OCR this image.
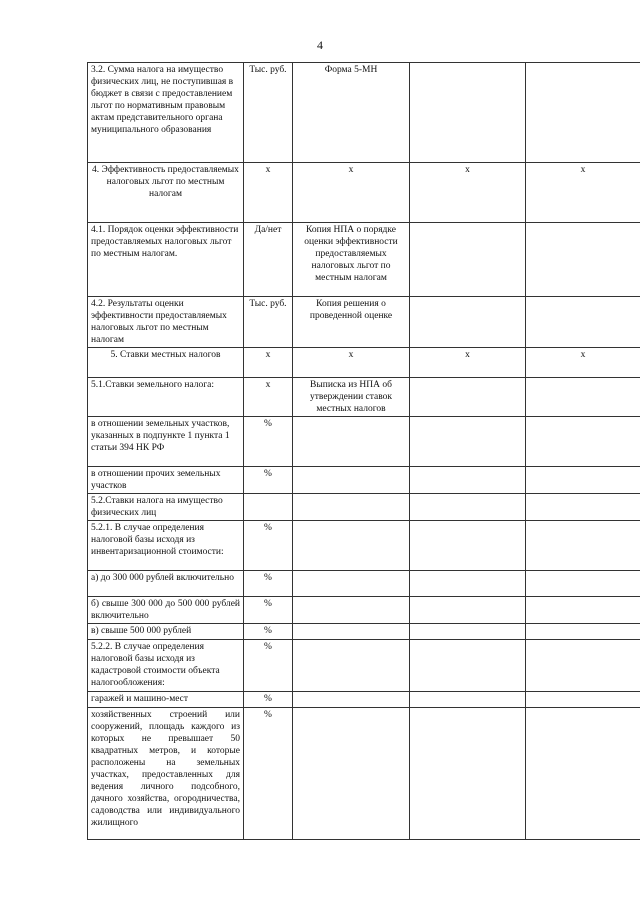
4
3.2. Сумма налога на имущество физических лиц, не поступившая в бюджет в связи с предоставлением льгот по нормативным правовым актам представительного органа муниципального образования	Тыс. руб.	Форма 5-МН		
4. Эффективность предоставляемых налоговых льгот по местным налогам	х	х	х	х
4.1. Порядок оценки эффективности предоставляемых налоговых льгот по местным налогам.	Да/нет	Копия НПА о порядке оценки эффективности предоставляемых налоговых льгот по местным налогам		
4.2. Результаты оценки эффективности предоставляемых налоговых льгот по местным налогам	Тыс. руб.	Копия решения о проведенной оценке		
5. Ставки местных налогов	х	х	х	х
5.1.Ставки земельного налога:	х	Выписка из НПА об утверждении ставок местных налогов		
в отношении земельных участков, указанных в подпункте 1 пункта 1 статьи 394 НК РФ	%			
в отношении прочих земельных участков	%			
5.2.Ставки налога на имущество физических лиц				
5.2.1. В случае определения налоговой базы исходя из инвентаризационной стоимости:	%			
а) до 300 000 рублей включительно	%			
б) свыше 300 000 до 500 000 рублей включительно	%			
в) свыше 500 000 рублей	%			
5.2.2. В случае определения налоговой базы исходя из кадастровой стоимости объекта налогообложения:	%			
гаражей и машино-мест	%			
хозяйственных строений или сооружений, площадь каждого из которых не превышает 50 квадратных метров, и которые расположены на земельных участках, предоставленных для ведения личного подсобного, дачного хозяйства, огородничества, садоводства или индивидуального жилищного	%			
